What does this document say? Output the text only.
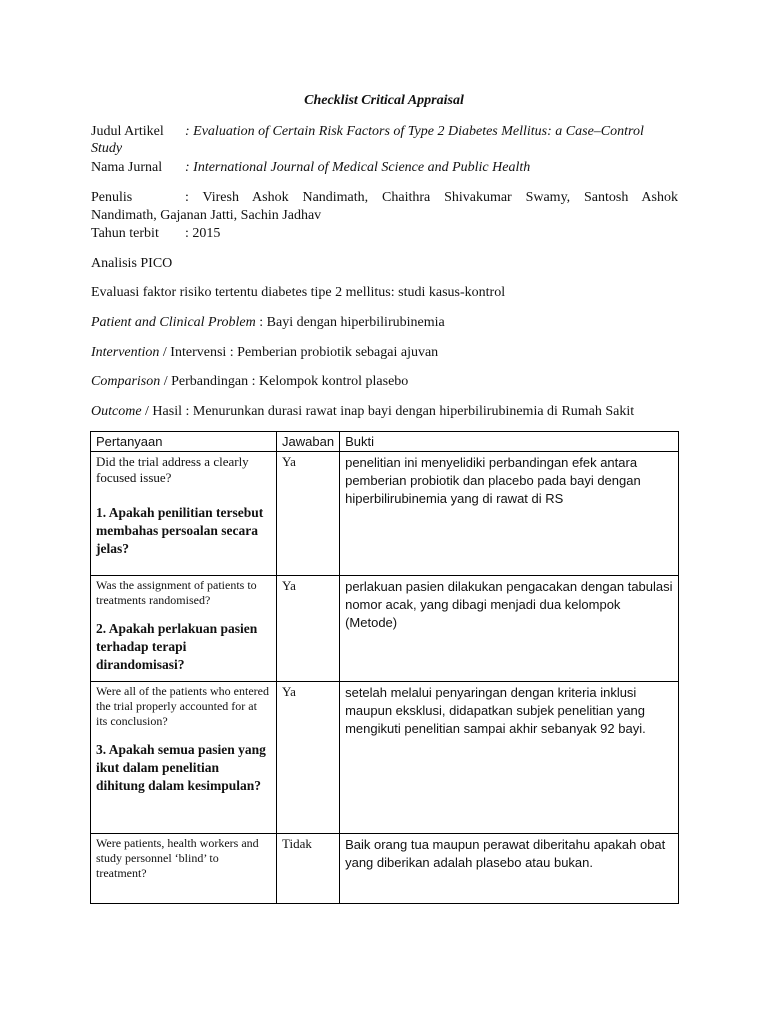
Checklist Critical Appraisal
Judul Artikel : Evaluation of Certain Risk Factors of Type 2 Diabetes Mellitus: a Case–Control
Study
Nama Jurnal : International Journal of Medical Science and Public Health
Penulis	: Viresh Ashok Nandimath, Chaithra Shivakumar Swamy, Santosh Ashok
Nandimath, Gajanan Jatti, Sachin Jadhav
Tahun terbit : 2015
Analisis PICO
Evaluasi faktor risiko tertentu diabetes tipe 2 mellitus: studi kasus-kontrol
Patient and Clinical Problem : Bayi dengan hiperbilirubinemia
Intervention / Intervensi : Pemberian probiotik sebagai ajuvan
Comparison / Perbandingan : Kelompok kontrol plasebo
Outcome / Hasil : Menurunkan durasi rawat inap bayi dengan hiperbilirubinemia di Rumah Sakit
Pertanyaan	Jawaban	Bukti

Did the trial address a clearly focused issue?
1. Apakah penilitian tersebut membahas persoalan secara jelas?	Ya	penelitian ini menyelidiki perbandingan efek antara pemberian probiotik dan placebo pada bayi dengan hiperbilirubinemia yang di rawat di RS

Was the assignment of patients to treatments randomised?
2. Apakah perlakuan pasien terhadap terapi dirandomisasi?	Ya	perlakuan pasien dilakukan pengacakan dengan tabulasi nomor acak, yang dibagi menjadi dua kelompok (Metode)

Were all of the patients who entered the trial properly accounted for at its conclusion?
3. Apakah semua pasien yang ikut dalam penelitian dihitung dalam kesimpulan?	Ya	setelah melalui penyaringan dengan kriteria inklusi maupun eksklusi, didapatkan subjek penelitian yang mengikuti penelitian sampai akhir sebanyak 92 bayi.

Were patients, health workers and study personnel ‘blind’ to treatment?	Tidak	Baik orang tua maupun perawat diberitahu apakah obat yang diberikan adalah plasebo atau bukan.
